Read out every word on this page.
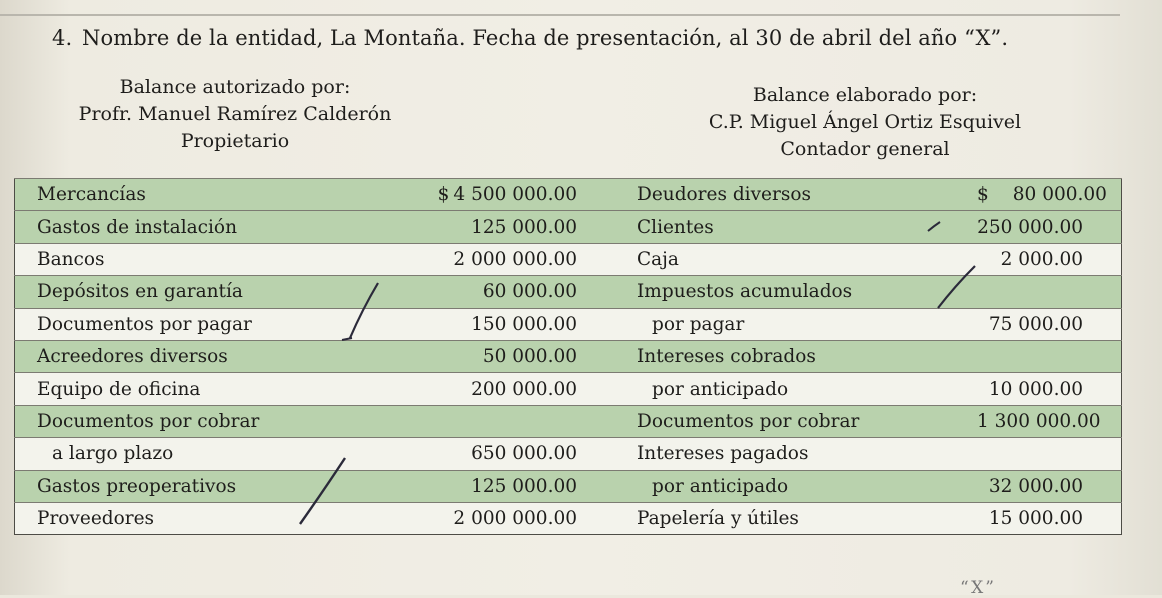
4. Nombre de la entidad, La Montaña. Fecha de presentación, al 30 de abril del año “X”.
Balance autorizado por:
Profr. Manuel Ramírez Calderón
Propietario
Balance elaborado por:
C.P. Miguel Ángel Ortiz Esquivel
Contador general
Mercancías	$ 4 500 000.00	Deudores diversos	$ 80 000.00
Gastos de instalación	125 000.00	Clientes	250 000.00
Bancos	2 000 000.00	Caja	2 000.00
Depósitos en garantía	60 000.00	Impuestos acumulados	
Documentos por pagar	150 000.00	por pagar	75 000.00
Acreedores diversos	50 000.00	Intereses cobrados	
Equipo de oficina	200 000.00	por anticipado	10 000.00
Documentos por cobrar		Documentos por cobrar	1 300 000.00
a largo plazo	650 000.00	Intereses pagados	
Gastos preoperativos	125 000.00	por anticipado	32 000.00
Proveedores	2 000 000.00	Papelería y útiles	15 000.00
“X”
